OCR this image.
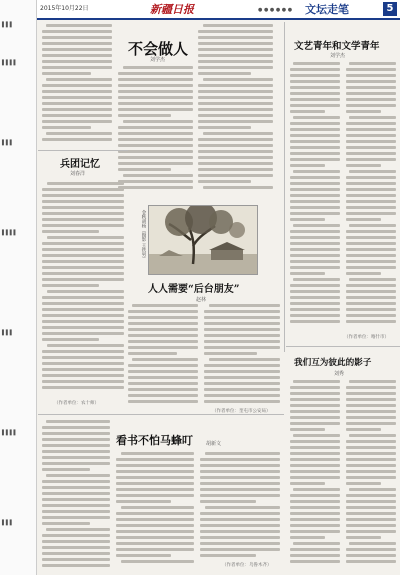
2015年10月22日	新疆日报	● ● ● ● ● ● 文坛走笔	5
▌▌▌
▌▌▌▌
▌▌▌
▌▌▌▌
▌▌▌
▌▌▌▌
▌▌▌
不会做人
刘学杰
文艺青年和文学青年
刘学杰
（作者单位：喀什市）
我们互为彼此的影子
刘秀
兵团记忆
刘春洋
金秋胡杨（摄影 王铁男）
人人需要“后台朋友”
赵林
（作者单位：奎屯市公安局）
（作者单位：农十师）
看书不怕马蜂叮	胡新文
（作者单位：乌鲁木齐）
